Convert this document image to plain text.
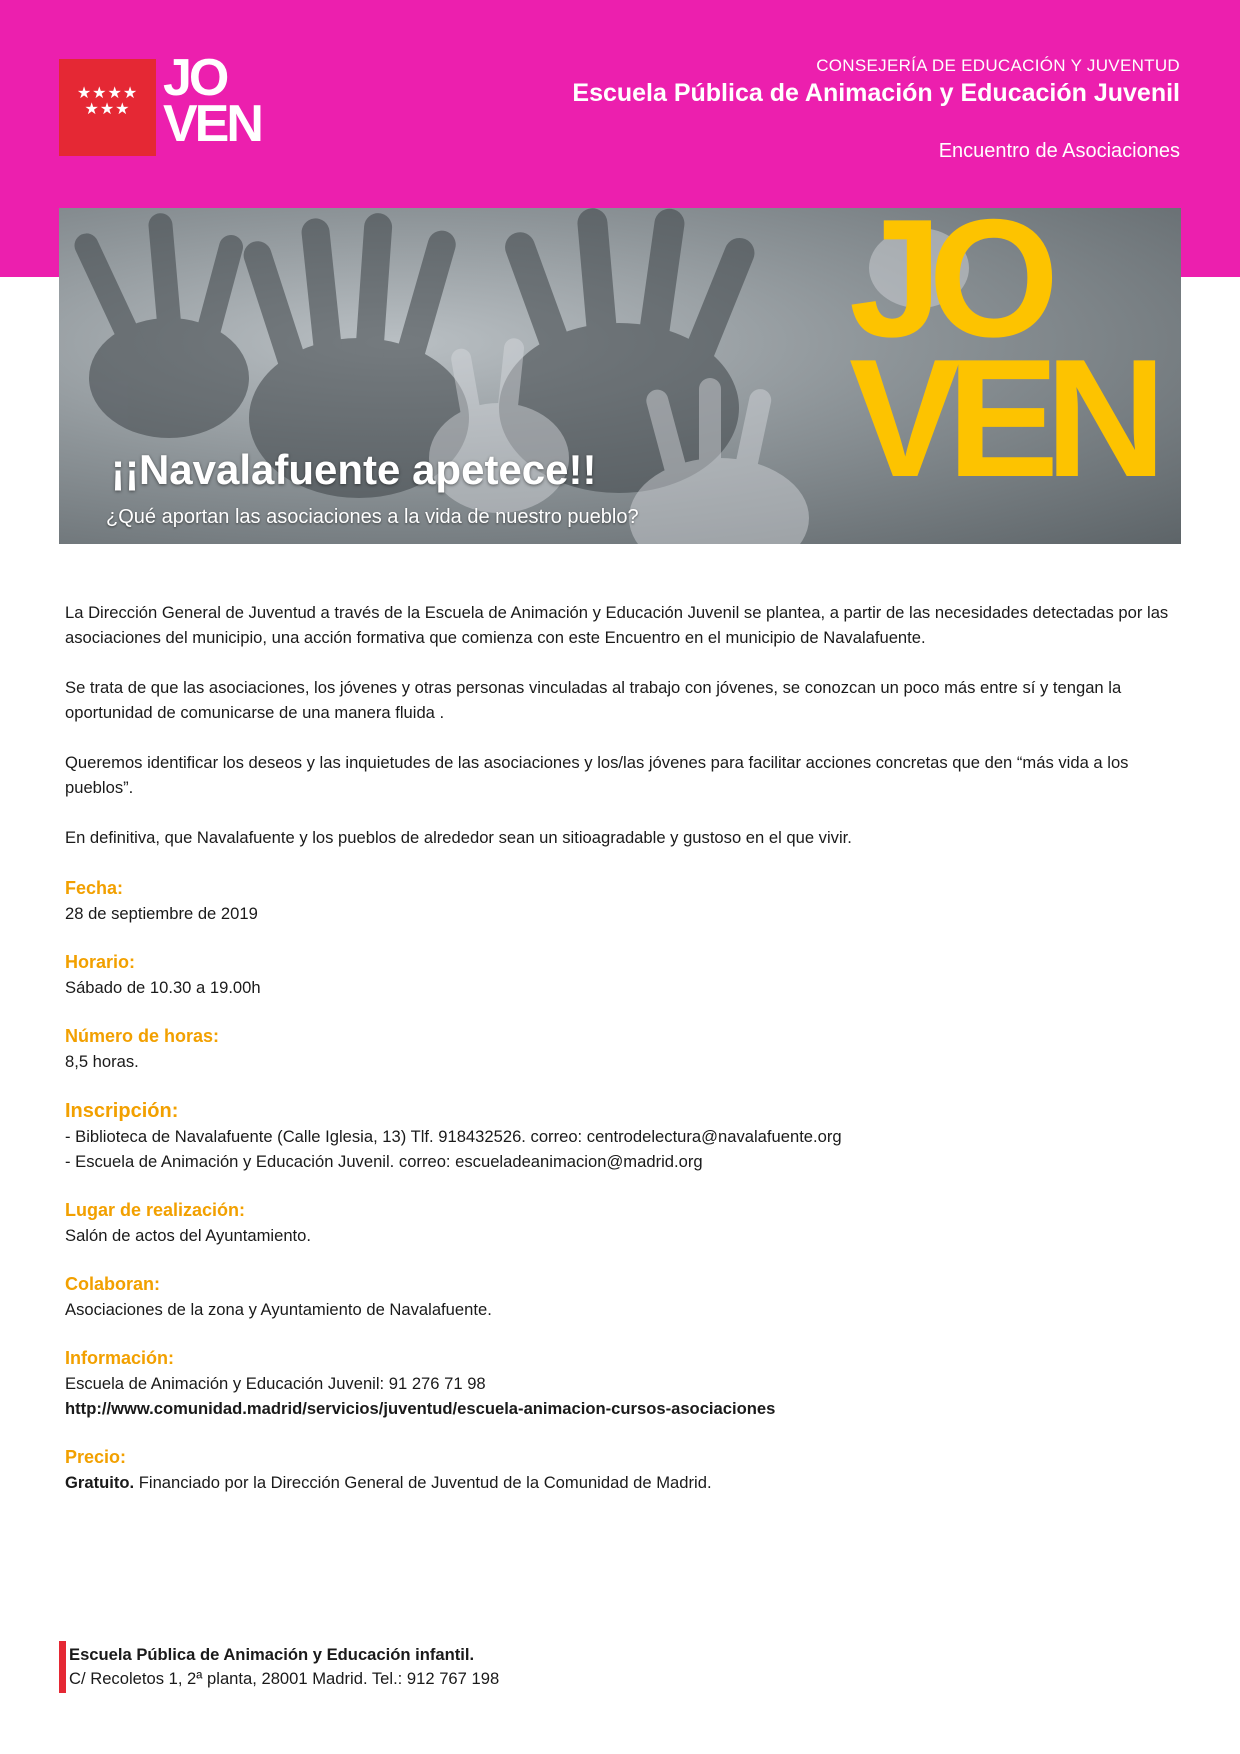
★★★★
★★★
JO
VEN
CONSEJERÍA DE EDUCACIÓN Y JUVENTUD
Escuela Pública de Animación y Educación Juvenil
Encuentro de Asociaciones
JO
VEN
¡¡Navalafuente apetece!!
¿Qué aportan las asociaciones a la vida de nuestro pueblo?

La Dirección General de Juventud a través de la Escuela de Animación y Educación Juvenil se plantea, a partir de las necesidades detectadas por las asociaciones del municipio, una acción formativa que comienza con este Encuentro en el municipio de Navalafuente.

Se trata de que las asociaciones, los jóvenes y otras personas vinculadas al trabajo con jóvenes, se conozcan un poco más entre sí y tengan la oportunidad de comunicarse de una manera fluida .

Queremos identificar los deseos y las inquietudes de las asociaciones y los/las jóvenes para facilitar acciones concretas que den “más vida a los pueblos”.

En definitiva, que Navalafuente y los pueblos de alrededor sean un sitioagradable y gustoso en el que vivir.

Fecha:
28 de septiembre de 2019
Horario:
Sábado de 10.30 a 19.00h
Número de horas:
8,5 horas.
Inscripción:
- Biblioteca de Navalafuente (Calle Iglesia, 13) Tlf. 918432526. correo: centrodelectura@navalafuente.org
- Escuela de Animación y Educación Juvenil. correo: escueladeanimacion@madrid.org
Lugar de realización:
Salón de actos del Ayuntamiento.
Colaboran:
Asociaciones de la zona y Ayuntamiento de Navalafuente.
Información:
Escuela de Animación y Educación Juvenil: 91 276 71 98
http://www.comunidad.madrid/servicios/juventud/escuela-animacion-cursos-asociaciones
Precio:
Gratuito. Financiado por la Dirección General de Juventud de la Comunidad de Madrid.
Escuela Pública de Animación y Educación infantil.
C/ Recoletos 1, 2ª planta, 28001 Madrid. Tel.: 912 767 198
